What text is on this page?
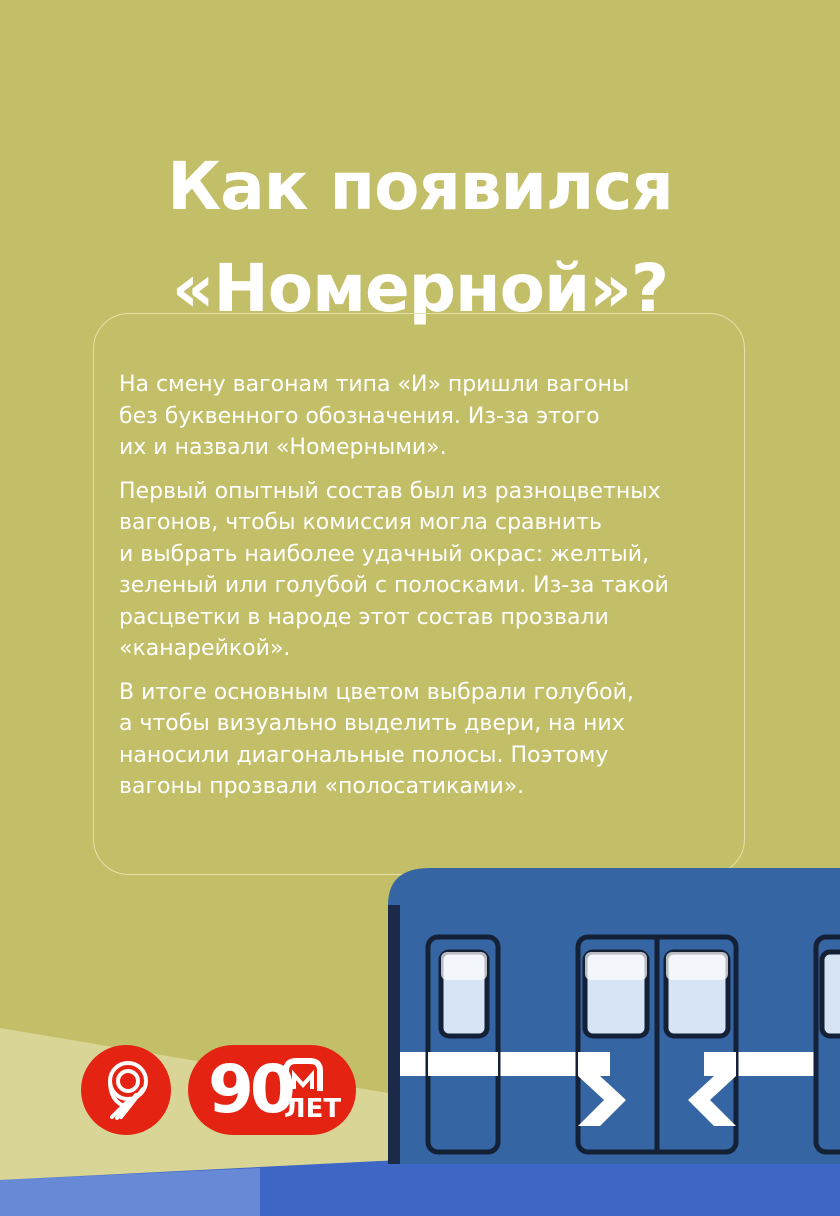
Как появился
«Номерной»?

На смену вагонам типа «И» пришли вагоны
без буквенного обозначения. Из-за этого
их и назвали «Номерными».

Первый опытный состав был из разноцветных
вагонов, чтобы комиссия могла сравнить
и выбрать наиболее удачный окрас: желтый,
зеленый или голубой с полосками. Из-за такой
расцветки в народе этот состав прозвали
«канарейкой».

В итоге основным цветом выбрали голубой,
а чтобы визуально выделить двери, на них
наносили диагональные полосы. Поэтому
вагоны прозвали «полосатиками».

90
ЛЕТ
